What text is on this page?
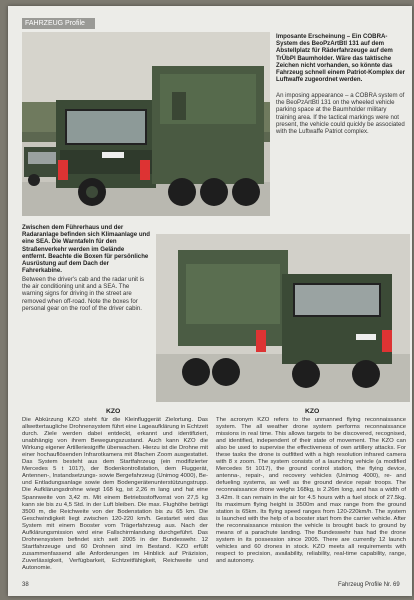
FAHRZEUG Profile
Imposante Erscheinung – Ein COBRA-System des BeoPzArtBtl 131 auf dem Abstellplatz für Räderfahrzeuge auf dem TrÜbPl Baumholder. Wäre das taktische Zeichen nicht vorhanden, so könnte das Fahrzeug schnell einem Patriot-Komplex der Luftwaffe zugeordnet werden.
An imposing appearance – a COBRA system of the BeoPzArtBtl 131 on the wheeled vehicle parking space at the Baumholder military training area. If the tactical markings were not present, the vehicle could quickly be associated with the Luftwaffe Patriot complex.
Zwischen dem Führerhaus und der Radaranlage befinden sich Klimaanlage und eine SEA. Die Warntafeln für den Straßenverkehr werden im Gelände entfernt. Beachte die Boxen für persönliche Ausrüstung auf dem Dach der Fahrerkabine.
Between the driver's cab and the radar unit is the air conditioning unit and a SEA. The warning signs for driving in the street are removed when off-road. Note the boxes for personal gear on the roof of the driver cabin.
KZO	KZO
Die Abkürzung KZO steht für die Kleinfluggerät Zielortung. Das allwettertaugliche Drohnensystem führt eine Lageaufklärung in Echtzeit durch. Ziele werden dabei entdeckt, erkannt und identifiziert, unabhängig von ihrem Bewegungszustand. Auch kann KZO die Wirkung eigener Artilleriesigriffe überwachen. Hierzu ist die Drohne mit einer hochauflösenden Infrarotkamera mit 8fachen Zoom ausgestattet. Das System besteht aus dem Startfahrzeug (ein modifizierter Mercedes 5 t 1017), der Bodenkontrollstation, dem Fluggerät, Antennen-, Instandsetzungs- sowie Bergefahrzeug (Unimog 4000), Be- und Entladungsanlage sowie dem Bodengerätenunterstützungstrupp. Die Aufklärungsdrohne wiegt 168 kg, ist 2,26 m lang und hat eine Spannweite von 3,42 m. Mit einem Betriebsstoffvorrat von 27,5 kg kann sie bis zu 4,5 Std. in der Luft bleiben. Die max. Flughöhe beträgt 3500 m, die Reichweite von der Bodenstation bis zu 65 km. Die Geschwindigkeit liegt zwischen 120-220 km/h. Gestartet wird das System mit einem Booster vom Trägerfahrzeug aus. Nach der Aufklärungsmission wird eine Fallschirmlandung durchgeführt. Das Drohnensystem befindet sich seit 2005 in der Bundeswehr. 12 Startfahrzeuge und 60 Drohnen sind im Bestand. KZO erfüllt zusammenfassend alle Anforderungen im Hinblick auf Präzision, Zuverlässigkeit, Verfügbarkeit, Echtzeitfähigkeit, Reichweite und Autonomie.
The acronym KZO refers to the unmanned flying reconnaissance system. The all weather drone system performs reconnaissance missions in real time. This allows targets to be discovered, recognised, and identified, independent of their state of movement. The KZO can also be used to supervise the effectiveness of own artillery attacks. For these tasks the drone is outfitted with a high resolution infrared camera with 8 x zoom. The system consists of a launching vehicle (a modified Mercedes 5t 1017), the ground control station, the flying device, antenna-, repair-, and recovery vehicles (Unimog 4000), re- and defueling systems, as well as the ground device repair troops. The reconnaissance drone weighs 168kg, is 2.26m long, and has a width of 3.42m. It can remain in the air for 4.5 hours with a fuel stock of 27.5kg. Its maximum flying height is 3500m and max range from the ground station is 65km. Its flying speed ranges from 120-220km/h. The system is launched with the help of a booster start from the carrier vehicle. After the reconnaissance mission the vehicle is brought back to ground by means of a parachute landing. The Bundeswehr has had the drone system in its possession since 2005. There are currently 12 launch vehicles and 60 drones in stock. KZO meets all requirements with respect to precision, availability, reliability, real-time capability, range, and autonomy.
38	Fahrzeug Profile Nr. 69
